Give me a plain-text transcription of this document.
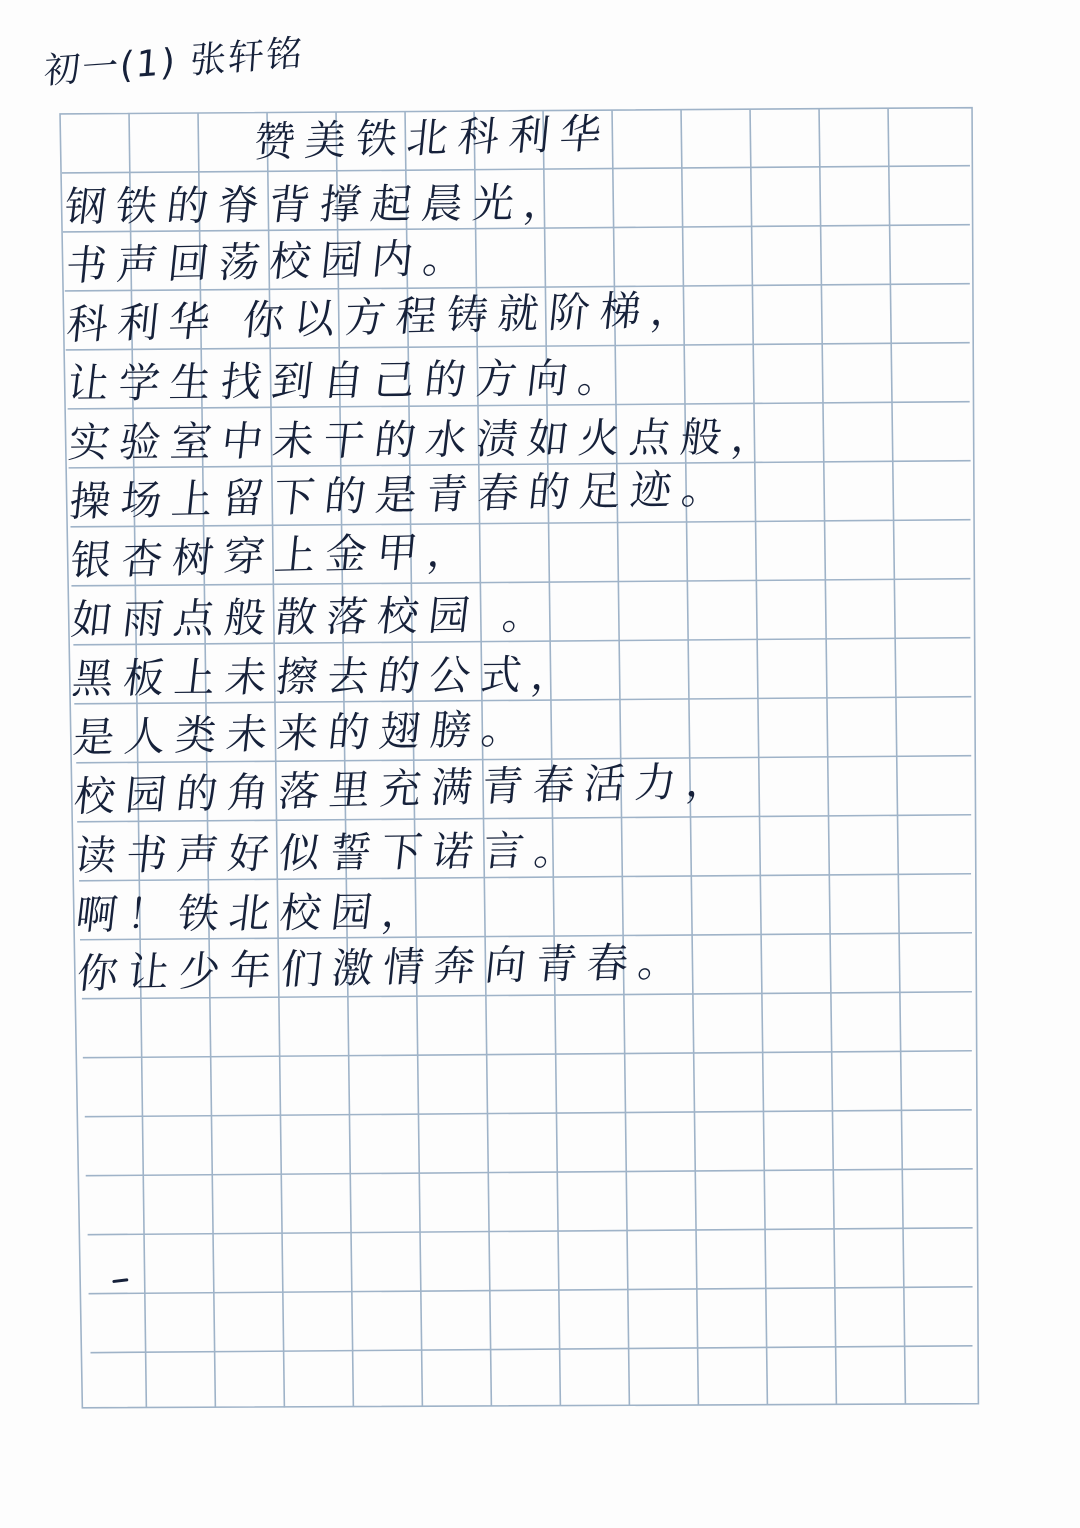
初一(1) 张轩铭
赞美铁北科利华
钢铁的脊背撑起晨光，
书声回荡校园内。
科利华 你以方程铸就阶梯，
让学生找到自己的方向。
实验室中未干的水渍如火点般，
操场上留下的是青春的足迹。
银杏树穿上金甲，
如雨点般散落校园 。
黑板上未擦去的公式，
是人类未来的翅膀。
校园的角落里充满青春活力，
读书声好似誓下诺言。
啊！铁北校园，
你让少年们激情奔向青春。
